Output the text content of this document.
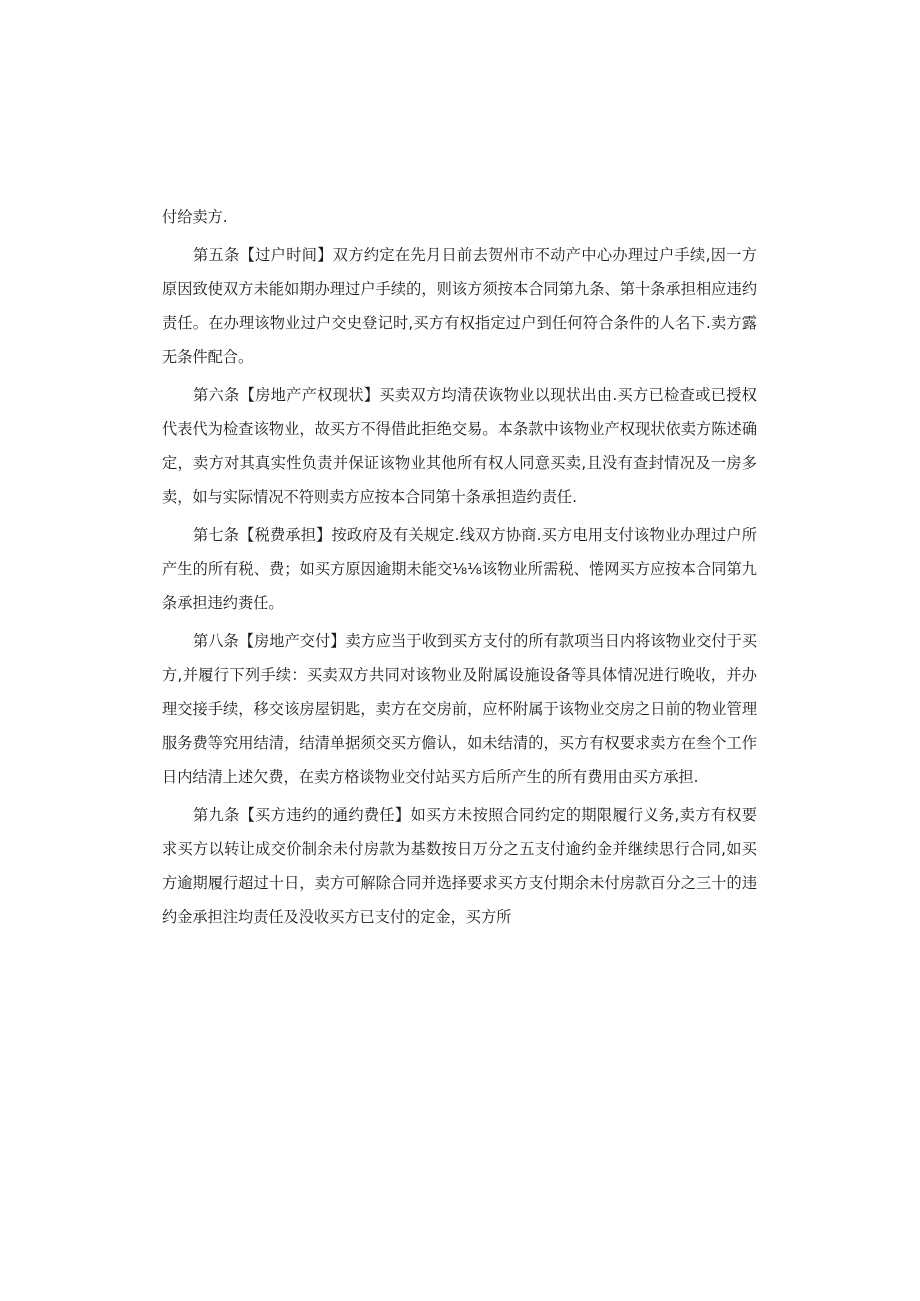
付给卖方.

第五条【过户时间】双方约定在先月日前去贺州市不动产中心办理过户手续,因一方原因致使双方未能如期办理过户手续的，则该方须按本合同第九条、第十条承担相应违约责任。在办理该物业过户交史登记时,买方有权指定过户到任何符合条件的人名下.卖方露无条件配合。

第六条【房地产产权现状】买卖双方均清茯诙物业以现状出由.买方已检查或已授权代表代为检查该物业，故买方不得借此拒绝交易。本条款中该物业产权现状依卖方陈述确定，卖方对其真实性负责并保证该物业其他所有权人同意买卖,且没有查封情况及一房多卖，如与实际情况不符则卖方应按本合同第十条承担造约责任.

第七条【税费承担】按政府及有关规定.线双方协商.买方电用支付该物业办理过户所产生的所有税、费；如买方原因逾期未能交⅛⅛该物业所需税、惓网买方应按本合同第九条承担违约赉任。

第八条【房地产交付】卖方应当于收到买方支付的所有款项当日内将该物业交付于买方,并履行下列手续：买卖双方共同对该物业及附属设施设备等具体情况进行晚收，并办理交接手续，移交该房屋钥匙，卖方在交房前，应杯附属于该物业交房之日前的物业管理服务费等究用结清，结清单据须交买方儋认，如未结清的，买方有权要求卖方在叁个工作日内结清上述欠费，在卖方格谈物业交付站买方后所产生的所有费用由买方承担.

第九条【买方违约的通约费任】如买方未按照合同约定的期限履行义务,卖方有权要求买方以转让成交价制余未付房款为基数按日万分之五支付逾约金并继续思行合同,如买方逾期履行超过十日，卖方可解除合同并选择要求买方支付期余未付房款百分之三十的违约金承担注均责任及没收买方已支付的定金，买方所
